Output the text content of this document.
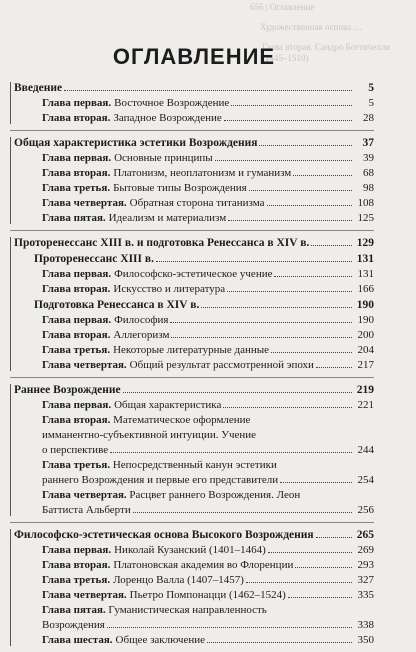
656 | Оглавление
Художественная основа …
Глава вторая. Сандро Боттичелли (1445–1510)
ОГЛАВЛЕНИЕ
Введение	5
Глава первая. Восточное Возрождение	5
Глава вторая. Западное Возрождение	28
Общая характеристика эстетики Возрождения	37
Глава первая. Основные принципы	39
Глава вторая. Платонизм, неоплатонизм и гуманизм	68
Глава третья. Бытовые типы Возрождения	98
Глава четвертая. Обратная сторона титанизма	108
Глава пятая. Идеализм и материализм	125
Проторенессанс XIII в. и подготовка Ренессанса в XIV в.	129
Проторенессанс XIII в.	131
Глава первая. Философско-эстетическое учение	131
Глава вторая. Искусство и литература	166
Подготовка Ренессанса в XIV в.	190
Глава первая. Философия	190
Глава вторая. Аллегоризм	200
Глава третья. Некоторые литературные данные	204
Глава четвертая. Общий результат рассмотренной эпохи	217
Раннее Возрождение	219
Глава первая. Общая характеристика	221
Глава вторая. Математическое оформление
имманентно-субъективной интуиции. Учение
о перспективе	244
Глава третья. Непосредственный канун эстетики
раннего Возрождения и первые его представители	254
Глава четвертая. Расцвет раннего Возрождения. Леон
Баттиста Альберти	256
Философско-эстетическая основа Высокого Возрождения	265
Глава первая. Николай Кузанский (1401–1464)	269
Глава вторая. Платоновская академия во Флоренции	293
Глава третья. Лоренцо Валла (1407–1457)	327
Глава четвертая. Пьетро Помпонацци (1462–1524)	335
Глава пятая. Гуманистическая направленность
Возрождения	338
Глава шестая. Общее заключение	350
